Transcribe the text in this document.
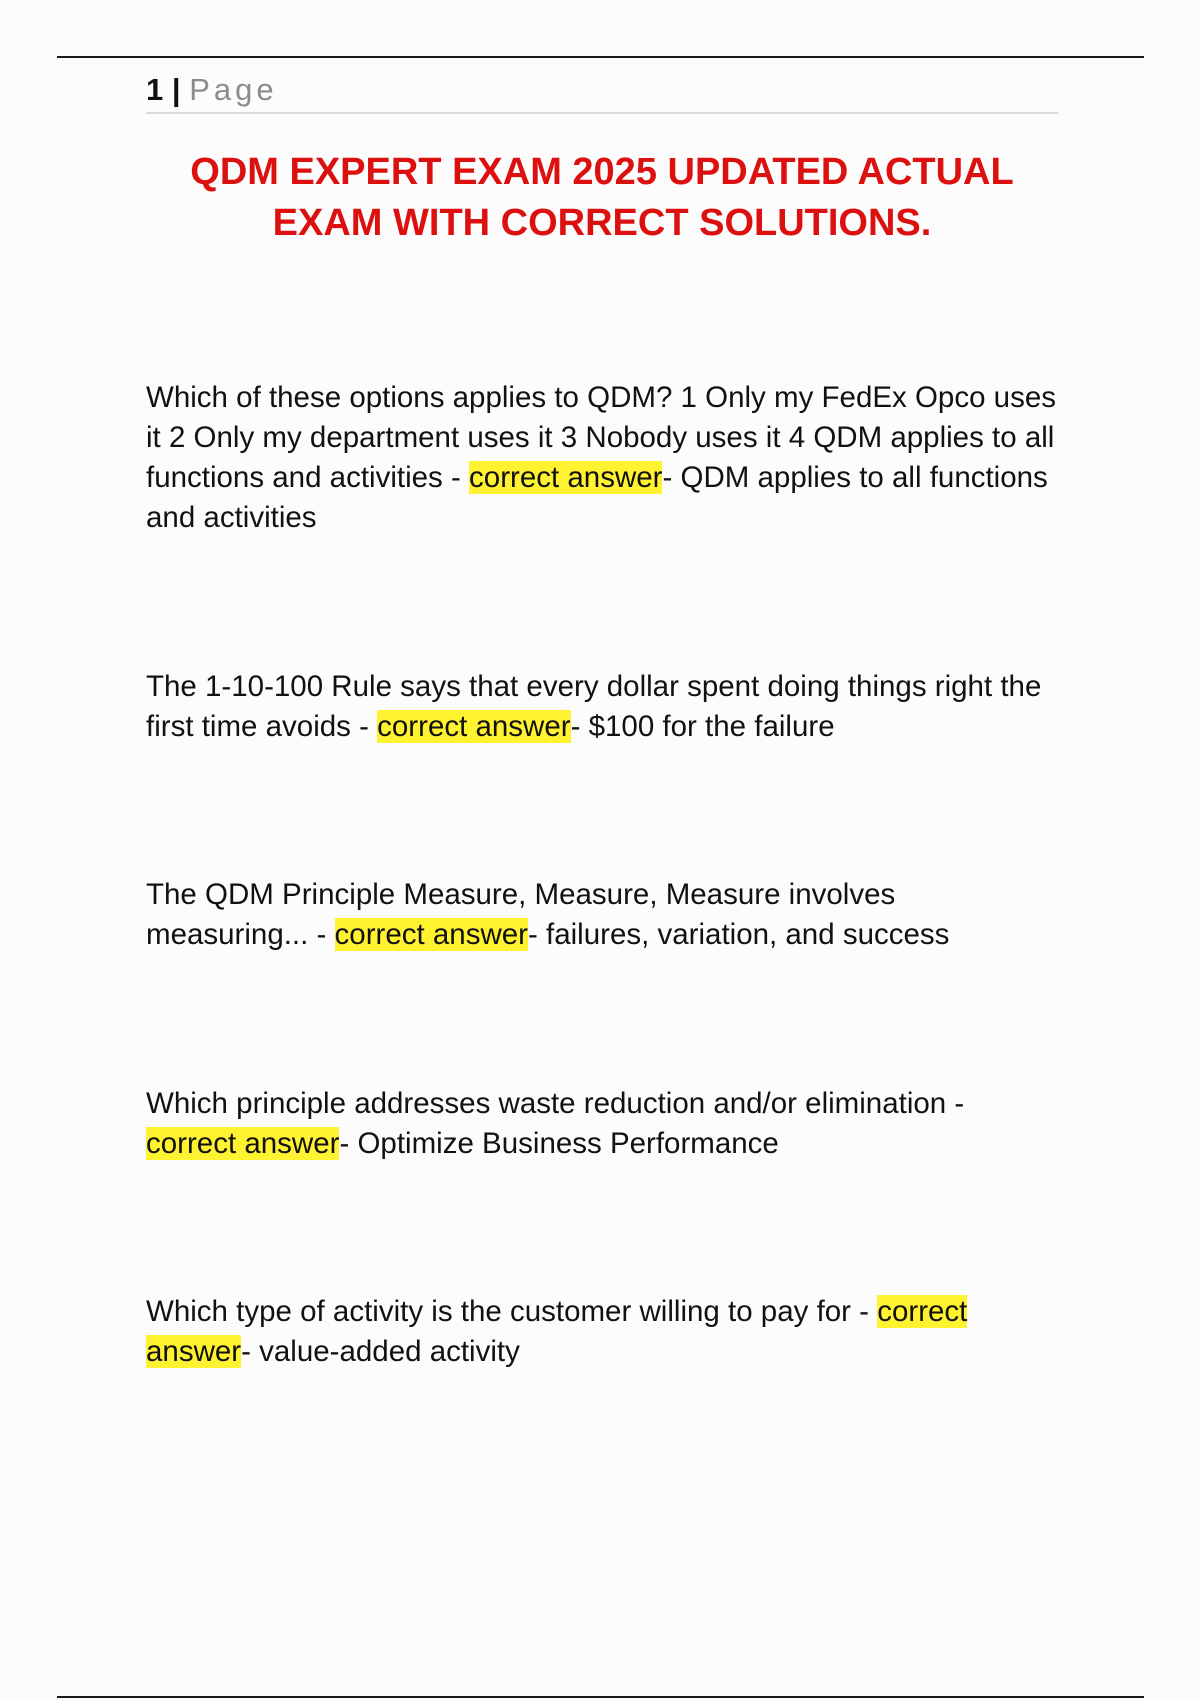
1 | Page
QDM EXPERT EXAM 2025 UPDATED ACTUAL EXAM WITH CORRECT SOLUTIONS.

Which of these options applies to QDM? 1 Only my FedEx Opco uses it 2 Only my department uses it 3 Nobody uses it 4 QDM applies to all functions and activities - correct answer- QDM applies to all functions and activities

The 1-10-100 Rule says that every dollar spent doing things right the first time avoids - correct answer- $100 for the failure

The QDM Principle Measure, Measure, Measure involves measuring... - correct answer- failures, variation, and success

Which principle addresses waste reduction and/or elimination - correct answer- Optimize Business Performance

Which type of activity is the customer willing to pay for - correct answer- value-added activity
